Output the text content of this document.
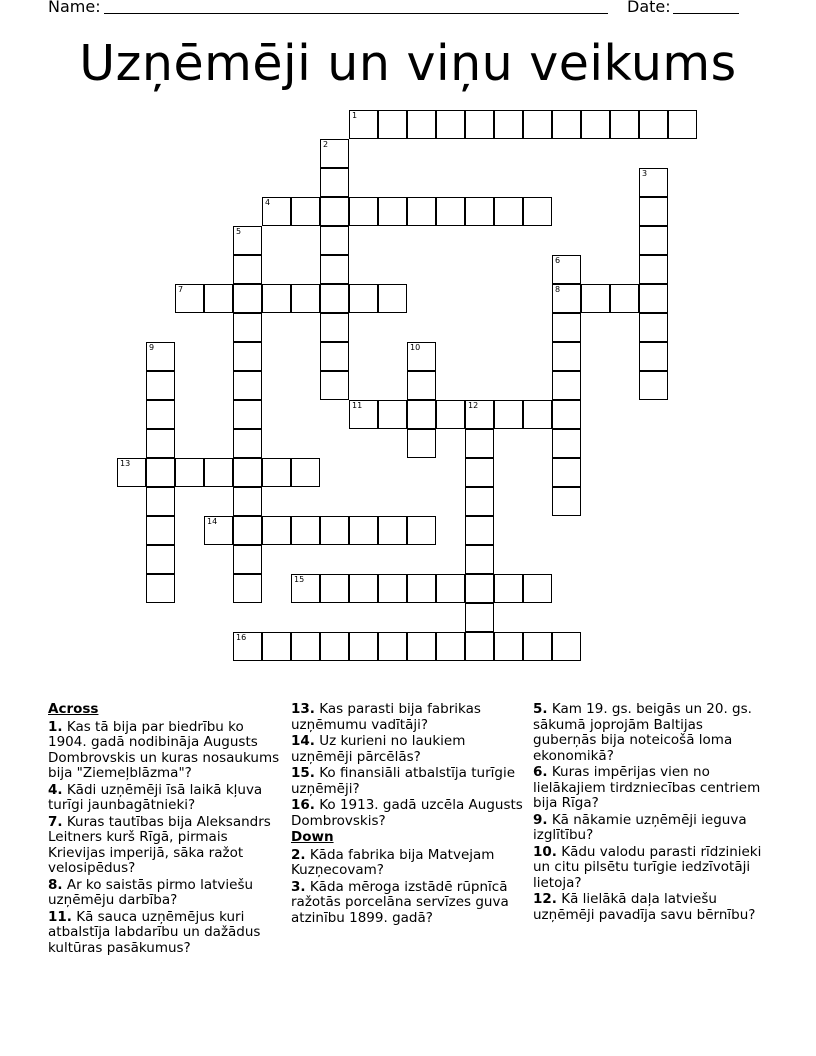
Name:	Date:
Uzņēmēji un viņu veikums
1
2
3
4
5
6
8
7
9	10
11	12
13
14
15
16
Across
1. Kas tā bija par biedrību ko 1904. gadā nodibināja Augusts Dombrovskis un kuras nosaukums bija "Ziemeļblāzma"?
4. Kādi uzņēmēji īsā laikā kļuva turīgi jaunbagātnieki?
7. Kuras tautības bija Aleksandrs Leitners kurš Rīgā, pirmais Krievijas imperijā, sāka ražot velosipēdus?
8. Ar ko saistās pirmo latviešu uzņēmēju darbība?
11. Kā sauca uzņēmējus kuri atbalstīja labdarību un dažādus kultūras pasākumus?
13. Kas parasti bija fabrikas uzņēmumu vadītāji?
14. Uz kurieni no laukiem uzņēmēji pārcēlās?
15. Ko finansiāli atbalstīja turīgie uzņēmēji?
16. Ko 1913. gadā uzcēla Augusts Dombrovskis?
Down
2. Kāda fabrika bija Matvejam Kuzņecovam?
3. Kāda mēroga izstādē rūpnīcā ražotās porcelāna servīzes guva atzinību 1899. gadā?
5. Kam 19. gs. beigās un 20. gs. sākumā joprojām Baltijas guberņās bija noteicošā loma ekonomikā?
6. Kuras impērijas vien no lielākajiem tirdzniecības centriem bija Rīga?
9. Kā nākamie uzņēmēji ieguva izglītību?
10. Kādu valodu parasti rīdzinieki un citu pilsētu turīgie iedzīvotāji lietoja?
12. Kā lielākā daļa latviešu uzņēmēji pavadīja savu bērnību?
